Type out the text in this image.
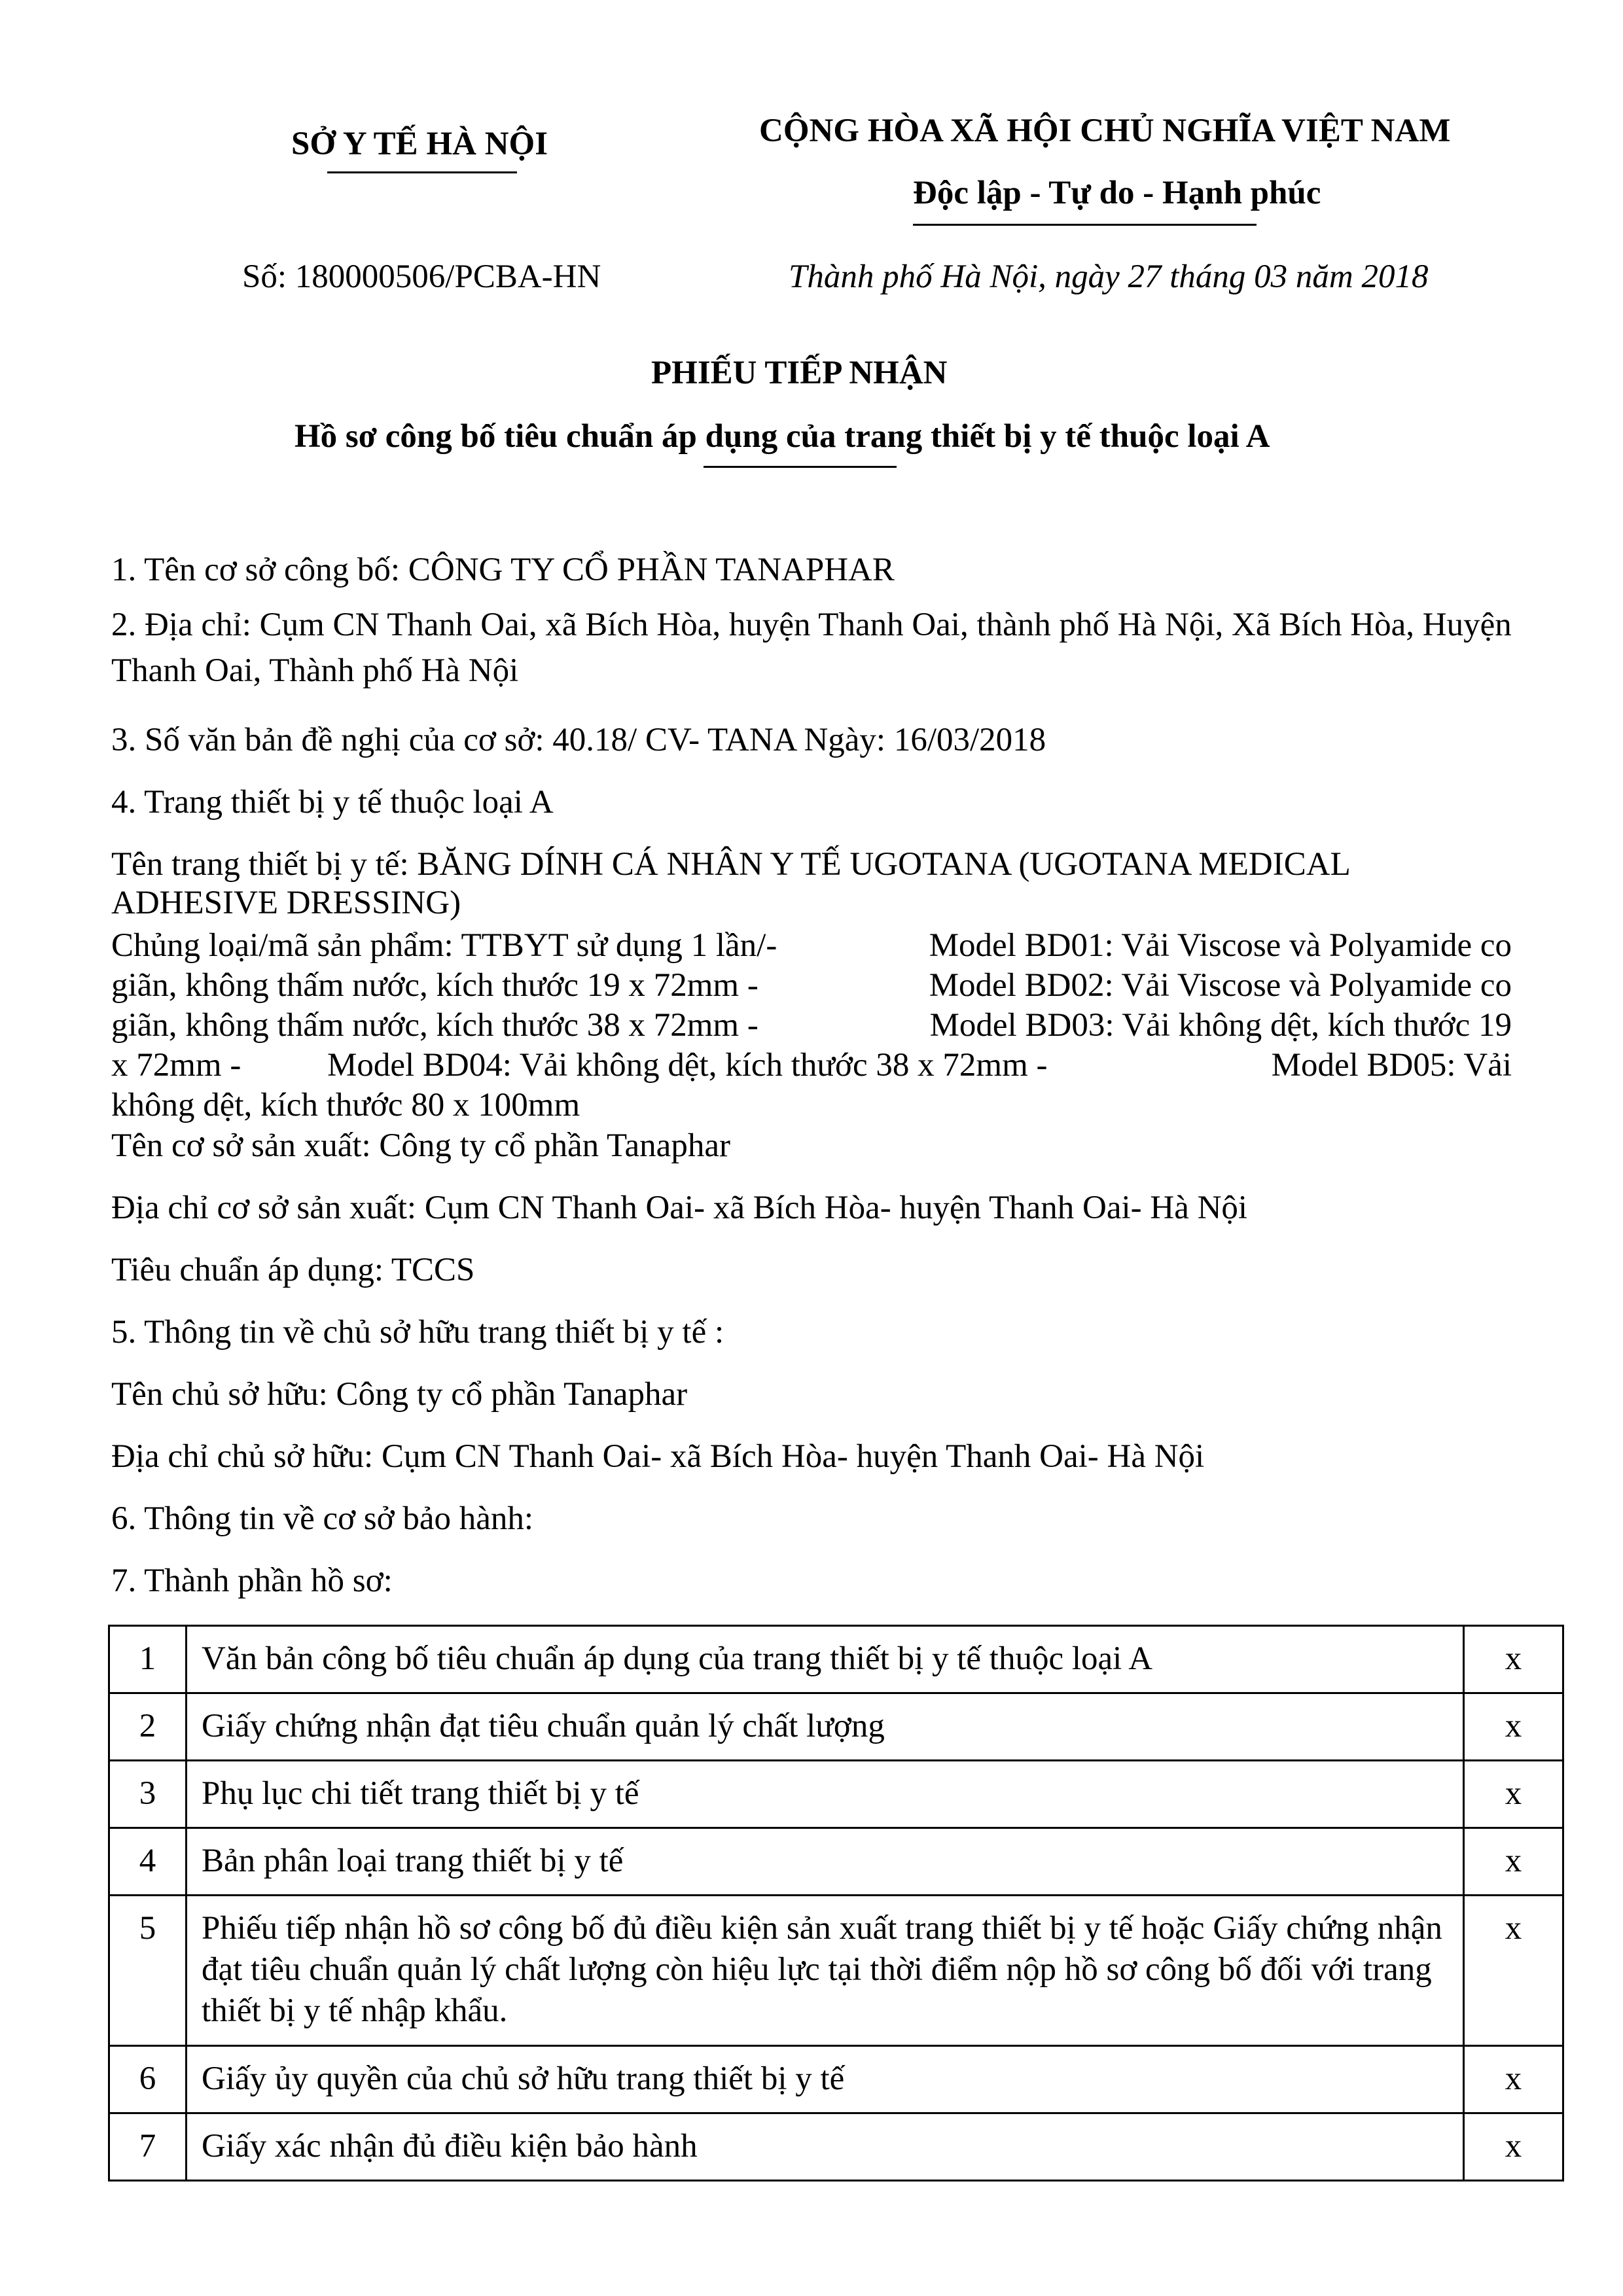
SỞ Y TẾ HÀ NỘI	CỘNG HÒA XÃ HỘI CHỦ NGHĨA VIỆT NAM
Độc lập - Tự do - Hạnh phúc
Số: 180000506/PCBA-HN	Thành phố Hà Nội, ngày 27 tháng 03 năm 2018
PHIẾU TIẾP NHẬN
Hồ sơ công bố tiêu chuẩn áp dụng của trang thiết bị y tế thuộc loại A
1. Tên cơ sở công bố: CÔNG TY CỔ PHẦN TANAPHAR
2. Địa chỉ: Cụm CN Thanh Oai, xã Bích Hòa, huyện Thanh Oai, thành phố Hà Nội, Xã Bích Hòa, Huyện Thanh Oai, Thành phố Hà Nội
3. Số văn bản đề nghị của cơ sở: 40.18/ CV- TANA Ngày: 16/03/2018
4. Trang thiết bị y tế thuộc loại A
Tên trang thiết bị y tế: BĂNG DÍNH CÁ NHÂN Y TẾ UGOTANA (UGOTANA MEDICAL ADHESIVE DRESSING)
Chủng loại/mã sản phẩm: TTBYT sử dụng 1 lần/-	Model BD01: Vải Viscose và Polyamide co
giãn, không thấm nước, kích thước 19 x 72mm -	Model BD02: Vải Viscose và Polyamide co
giãn, không thấm nước, kích thước 38 x 72mm -	Model BD03: Vải không dệt, kích thước 19
x 72mm -	Model BD04: Vải không dệt, kích thước 38 x 72mm -	Model BD05: Vải
không dệt, kích thước 80 x 100mm
Tên cơ sở sản xuất: Công ty cổ phần Tanaphar
Địa chỉ cơ sở sản xuất: Cụm CN Thanh Oai- xã Bích Hòa- huyện Thanh Oai- Hà Nội
Tiêu chuẩn áp dụng: TCCS
5. Thông tin về chủ sở hữu trang thiết bị y tế :
Tên chủ sở hữu: Công ty cổ phần Tanaphar
Địa chỉ chủ sở hữu: Cụm CN Thanh Oai- xã Bích Hòa- huyện Thanh Oai- Hà Nội
6. Thông tin về cơ sở bảo hành:
7. Thành phần hồ sơ:
1	Văn bản công bố tiêu chuẩn áp dụng của trang thiết bị y tế thuộc loại A	x
2	Giấy chứng nhận đạt tiêu chuẩn quản lý chất lượng	x
3	Phụ lục chi tiết trang thiết bị y tế	x
4	Bản phân loại trang thiết bị y tế	x
5	Phiếu tiếp nhận hồ sơ công bố đủ điều kiện sản xuất trang thiết bị y tế hoặc Giấy chứng nhận đạt tiêu chuẩn quản lý chất lượng còn hiệu lực tại thời điểm nộp hồ sơ công bố đối với trang thiết bị y tế nhập khẩu.	x
6	Giấy ủy quyền của chủ sở hữu trang thiết bị y tế	x
7	Giấy xác nhận đủ điều kiện bảo hành	x
